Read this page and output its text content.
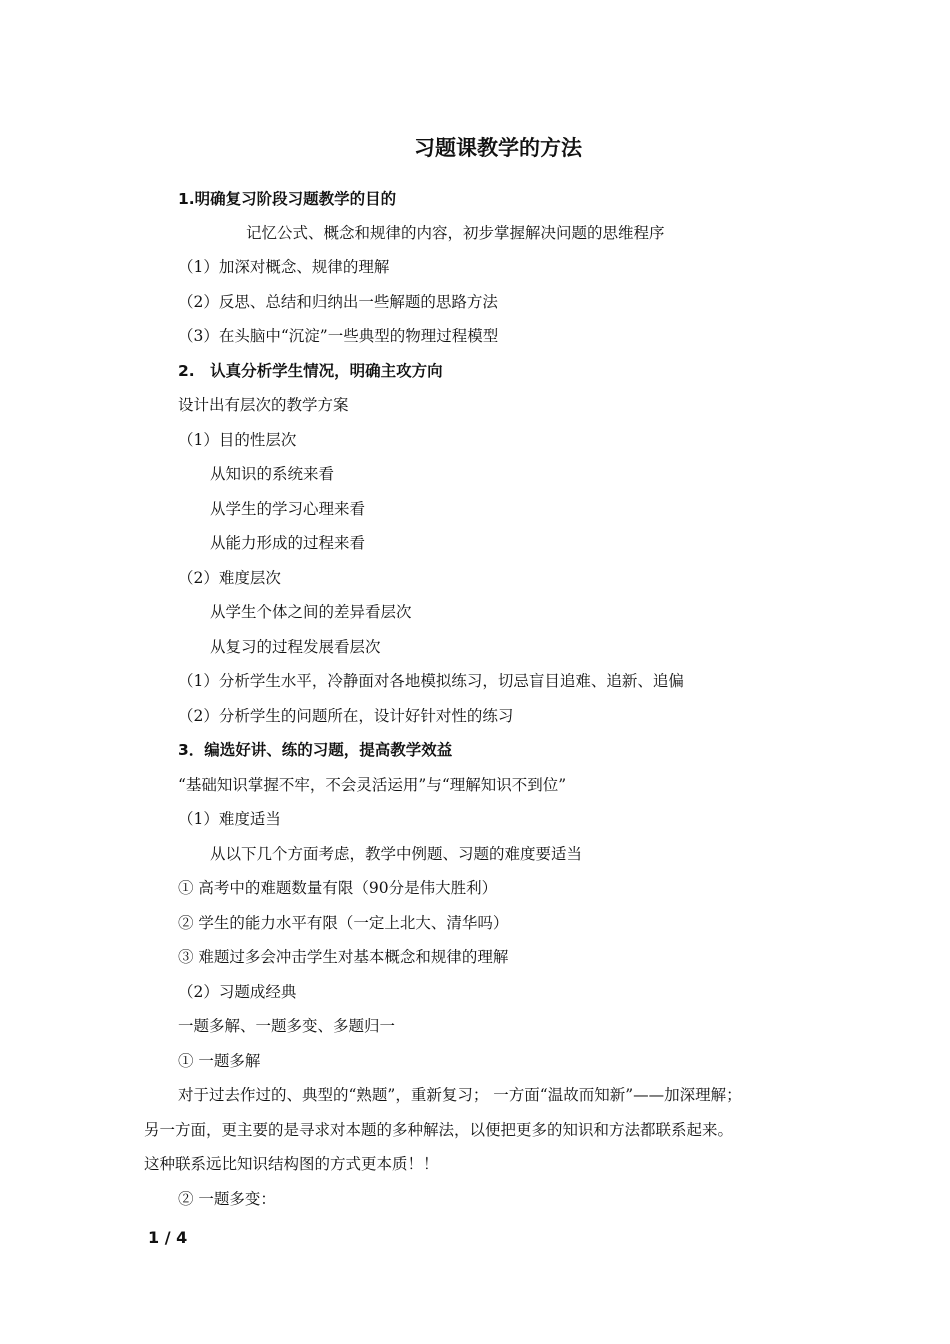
习题课教学的方法
1.明确复习阶段习题教学的目的
记忆公式、概念和规律的内容，初步掌握解决问题的思维程序
（1）加深对概念、规律的理解
（2）反思、总结和归纳出一些解题的思路方法
（3）在头脑中“沉淀”一些典型的物理过程模型
2.　认真分析学生情况，明确主攻方向
设计出有层次的教学方案
（1）目的性层次
从知识的系统来看
从学生的学习心理来看
从能力形成的过程来看
（2）难度层次
从学生个体之间的差异看层次
从复习的过程发展看层次
（1）分析学生水平，冷静面对各地模拟练习，切忌盲目追难、追新、追偏
（2）分析学生的问题所在，设计好针对性的练习
3．编选好讲、练的习题，提高教学效益
“基础知识掌握不牢，不会灵活运用”与“理解知识不到位”
（1）难度适当
从以下几个方面考虑，教学中例题、习题的难度要适当
① 高考中的难题数量有限（90分是伟大胜利）
② 学生的能力水平有限（一定上北大、清华吗）
③ 难题过多会冲击学生对基本概念和规律的理解
（2）习题成经典
一题多解、一题多变、多题归一
① 一题多解
对于过去作过的、典型的“熟题”，重新复习； 一方面“温故而知新”——加深理解；
另一方面，更主要的是寻求对本题的多种解法，以便把更多的知识和方法都联系起来。
这种联系远比知识结构图的方式更本质！！
② 一题多变：
1 / 4
